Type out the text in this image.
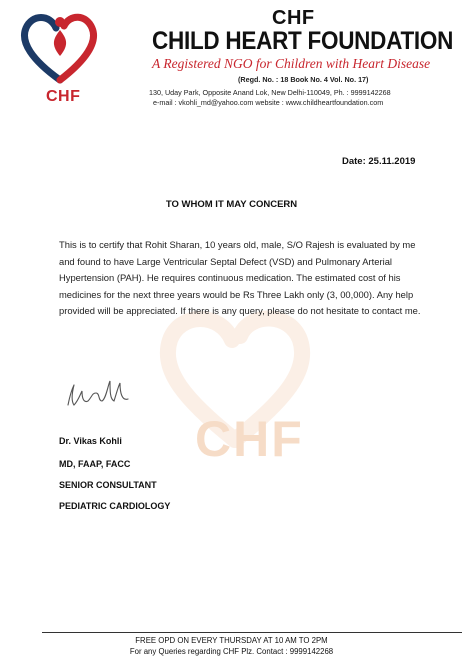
CHF
CHF
CHILD HEART FOUNDATION
A Registered NGO for Children with Heart Disease
(Regd. No. : 18 Book No. 4 Vol. No. 17)
130, Uday Park, Opposite Anand Lok, New Delhi-110049, Ph. : 9999142268
e-mail : vkohli_md@yahoo.com website : www.childheartfoundation.com
CHF
Date: 25.11.2019
TO WHOM IT MAY CONCERN
This is to certify that Rohit Sharan, 10 years old, male, S/O Rajesh is evaluated by me and found to have Large Ventricular Septal Defect (VSD) and Pulmonary Arterial Hypertension (PAH). He requires continuous medication. The estimated cost of his medicines for the next three years would be Rs Three Lakh only (3, 00,000). Any help provided will be appreciated. If there is any query, please do not hesitate to contact me.
Dr. Vikas Kohli
MD, FAAP, FACC
SENIOR CONSULTANT
PEDIATRIC CARDIOLOGY
FREE OPD ON EVERY THURSDAY AT 10 AM TO 2PM
For any Queries regarding CHF Plz. Contact : 9999142268
